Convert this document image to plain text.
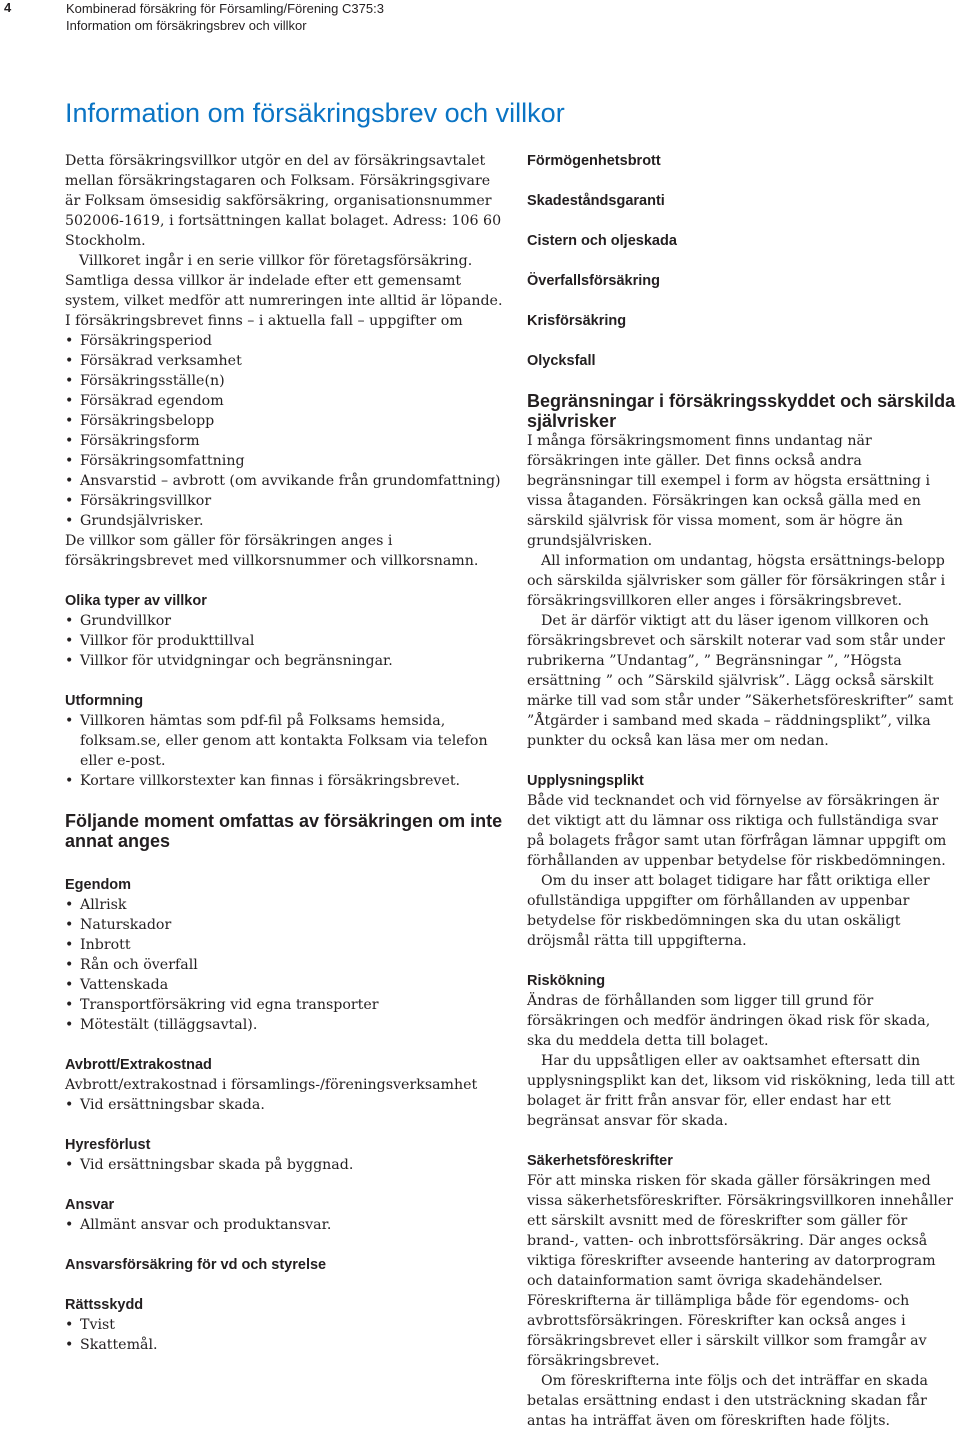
4	Kombinerad försäkring för Församling/Förening C375:3
Information om försäkringsbrev och villkor
Information om försäkringsbrev och villkor

Detta försäkringsvillkor utgör en del av försäkringsavtalet mellan försäkringstagaren och Folksam. Försäkringsgivare är Folksam ömsesidig sakförsäkring, organisationsnummer 502006-1619, i fortsättningen kallat bolaget. Adress: 106 60 Stockholm.

Villkoret ingår i en serie villkor för företagsförsäkring. Samtliga dessa villkor är indelade efter ett gemensamt system, vilket medför att numreringen inte alltid är löpande.

I försäkringsbrevet finns – i aktuella fall – uppgifter om

• Försäkringsperiod
• Försäkrad verksamhet
• Försäkringsställe(n)
• Försäkrad egendom
• Försäkringsbelopp
• Försäkringsform
• Försäkringsomfattning
• Ansvarstid – avbrott (om avvikande från grundomfattning)
• Försäkringsvillkor
• Grundsjälvrisker.

De villkor som gäller för försäkringen anges i försäkringsbrevet med villkorsnummer och villkorsnamn.

Olika typer av villkor

• Grundvillkor
• Villkor för produkttillval
• Villkor för utvidgningar och begränsningar.

Utformning

• Villkoren hämtas som pdf-fil på Folksams hemsida, folksam.se, eller genom att kontakta Folksam via telefon eller e-post.
• Kortare villkorstexter kan finnas i försäkringsbrevet.

Följande moment omfattas av försäkringen om inte annat anges

Egendom

• Allrisk
• Naturskador
• Inbrott
• Rån och överfall
• Vattenskada
• Transportförsäkring vid egna transporter
• Mötestält (tilläggsavtal).

Avbrott/Extrakostnad

Avbrott/extrakostnad i församlings-/föreningsverksamhet

• Vid ersättningsbar skada.

Hyresförlust

• Vid ersättningsbar skada på byggnad.

Ansvar

• Allmänt ansvar och produktansvar.

Ansvarsförsäkring för vd och styrelse

Rättsskydd

• Tvist
• Skattemål.

Förmögenhetsbrott

Skadeståndsgaranti

Cistern och oljeskada

Överfallsförsäkring

Krisförsäkring

Olycksfall

Begränsningar i försäkringsskyddet och särskilda självrisker

I många försäkringsmoment finns undantag när försäkringen inte gäller. Det finns också andra begränsningar till exempel i form av högsta ersättning i vissa åtaganden. Försäkringen kan också gälla med en särskild självrisk för vissa moment, som är högre än grundsjälvrisken.

All information om undantag, högsta ersättnings-belopp och särskilda självrisker som gäller för försäkringen står i försäkringsvillkoren eller anges i försäkringsbrevet.

Det är därför viktigt att du läser igenom villkoren och försäkringsbrevet och särskilt noterar vad som står under rubrikerna ”Undantag”, ” Begränsningar ”, ”Högsta ersättning ” och ”Särskild självrisk”. Lägg också särskilt märke till vad som står under ”Säkerhetsföreskrifter” samt ”Åtgärder i samband med skada – räddningsplikt”, vilka punkter du också kan läsa mer om nedan.

Upplysningsplikt

Både vid tecknandet och vid förnyelse av försäkringen är det viktigt att du lämnar oss riktiga och fullständiga svar på bolagets frågor samt utan förfrågan lämnar uppgift om förhållanden av uppenbar betydelse för riskbedömningen.

Om du inser att bolaget tidigare har fått oriktiga eller ofullständiga uppgifter om förhållanden av uppenbar betydelse för riskbedömningen ska du utan oskäligt dröjsmål rätta till uppgifterna.

Riskökning

Ändras de förhållanden som ligger till grund för försäkringen och medför ändringen ökad risk för skada, ska du meddela detta till bolaget.

Har du uppsåtligen eller av oaktsamhet eftersatt din upplysningsplikt kan det, liksom vid riskökning, leda till att bolaget är fritt från ansvar för, eller endast har ett begränsat ansvar för skada.

Säkerhetsföreskrifter

För att minska risken för skada gäller försäkringen med vissa säkerhetsföreskrifter. Försäkringsvillkoren innehåller ett särskilt avsnitt med de föreskrifter som gäller för brand-, vatten- och inbrottsförsäkring. Där anges också viktiga föreskrifter avseende hantering av datorprogram och datainformation samt övriga skadehändelser. Föreskrifterna är tillämpliga både för egendoms- och avbrottsförsäkringen. Föreskrifter kan också anges i försäkringsbrevet eller i särskilt villkor som framgår av försäkringsbrevet.

Om föreskrifterna inte följs och det inträffar en skada betalas ersättning endast i den utsträckning skadan får antas ha inträffat även om föreskriften hade följts.
